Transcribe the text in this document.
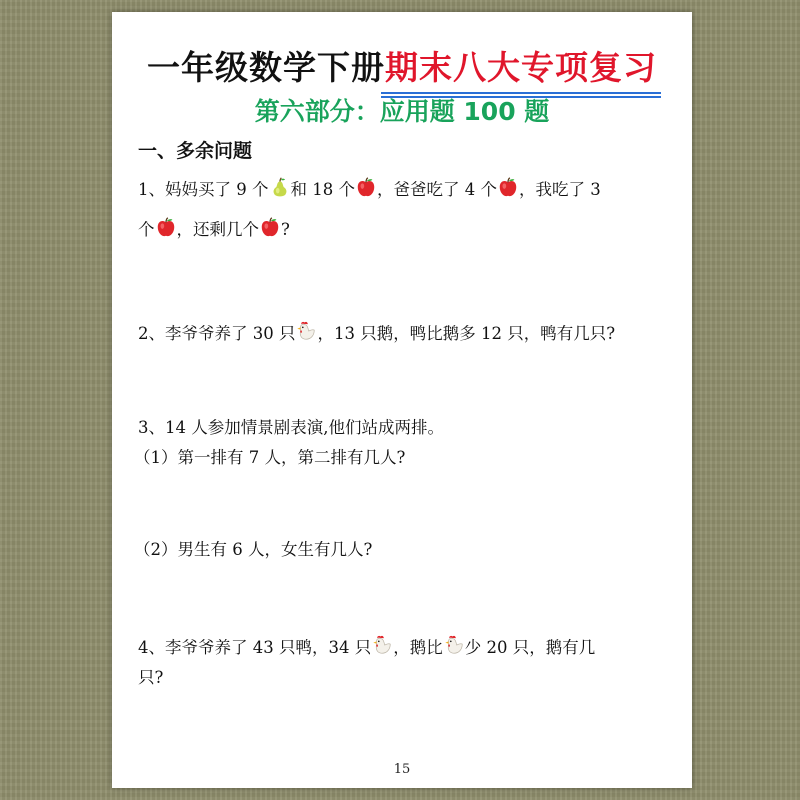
一年级数学下册期末八大专项复习
第六部分：应用题 100 题
一、多余问题
1、妈妈买了 9 个 和 18 个 ，爸爸吃了 4 个 ，我吃了 3
个 ，还剩几个 ?
2、李爷爷养了 30 只 ，13 只鹅，鸭比鹅多 12 只，鸭有几只?
3、14 人参加情景剧表演,他们站成两排。
（1）第一排有 7 人，第二排有几人?
（2）男生有 6 人，女生有几人?
4、李爷爷养了 43 只鸭，34 只 ，鹅比 少 20 只，鹅有几
只?
15
